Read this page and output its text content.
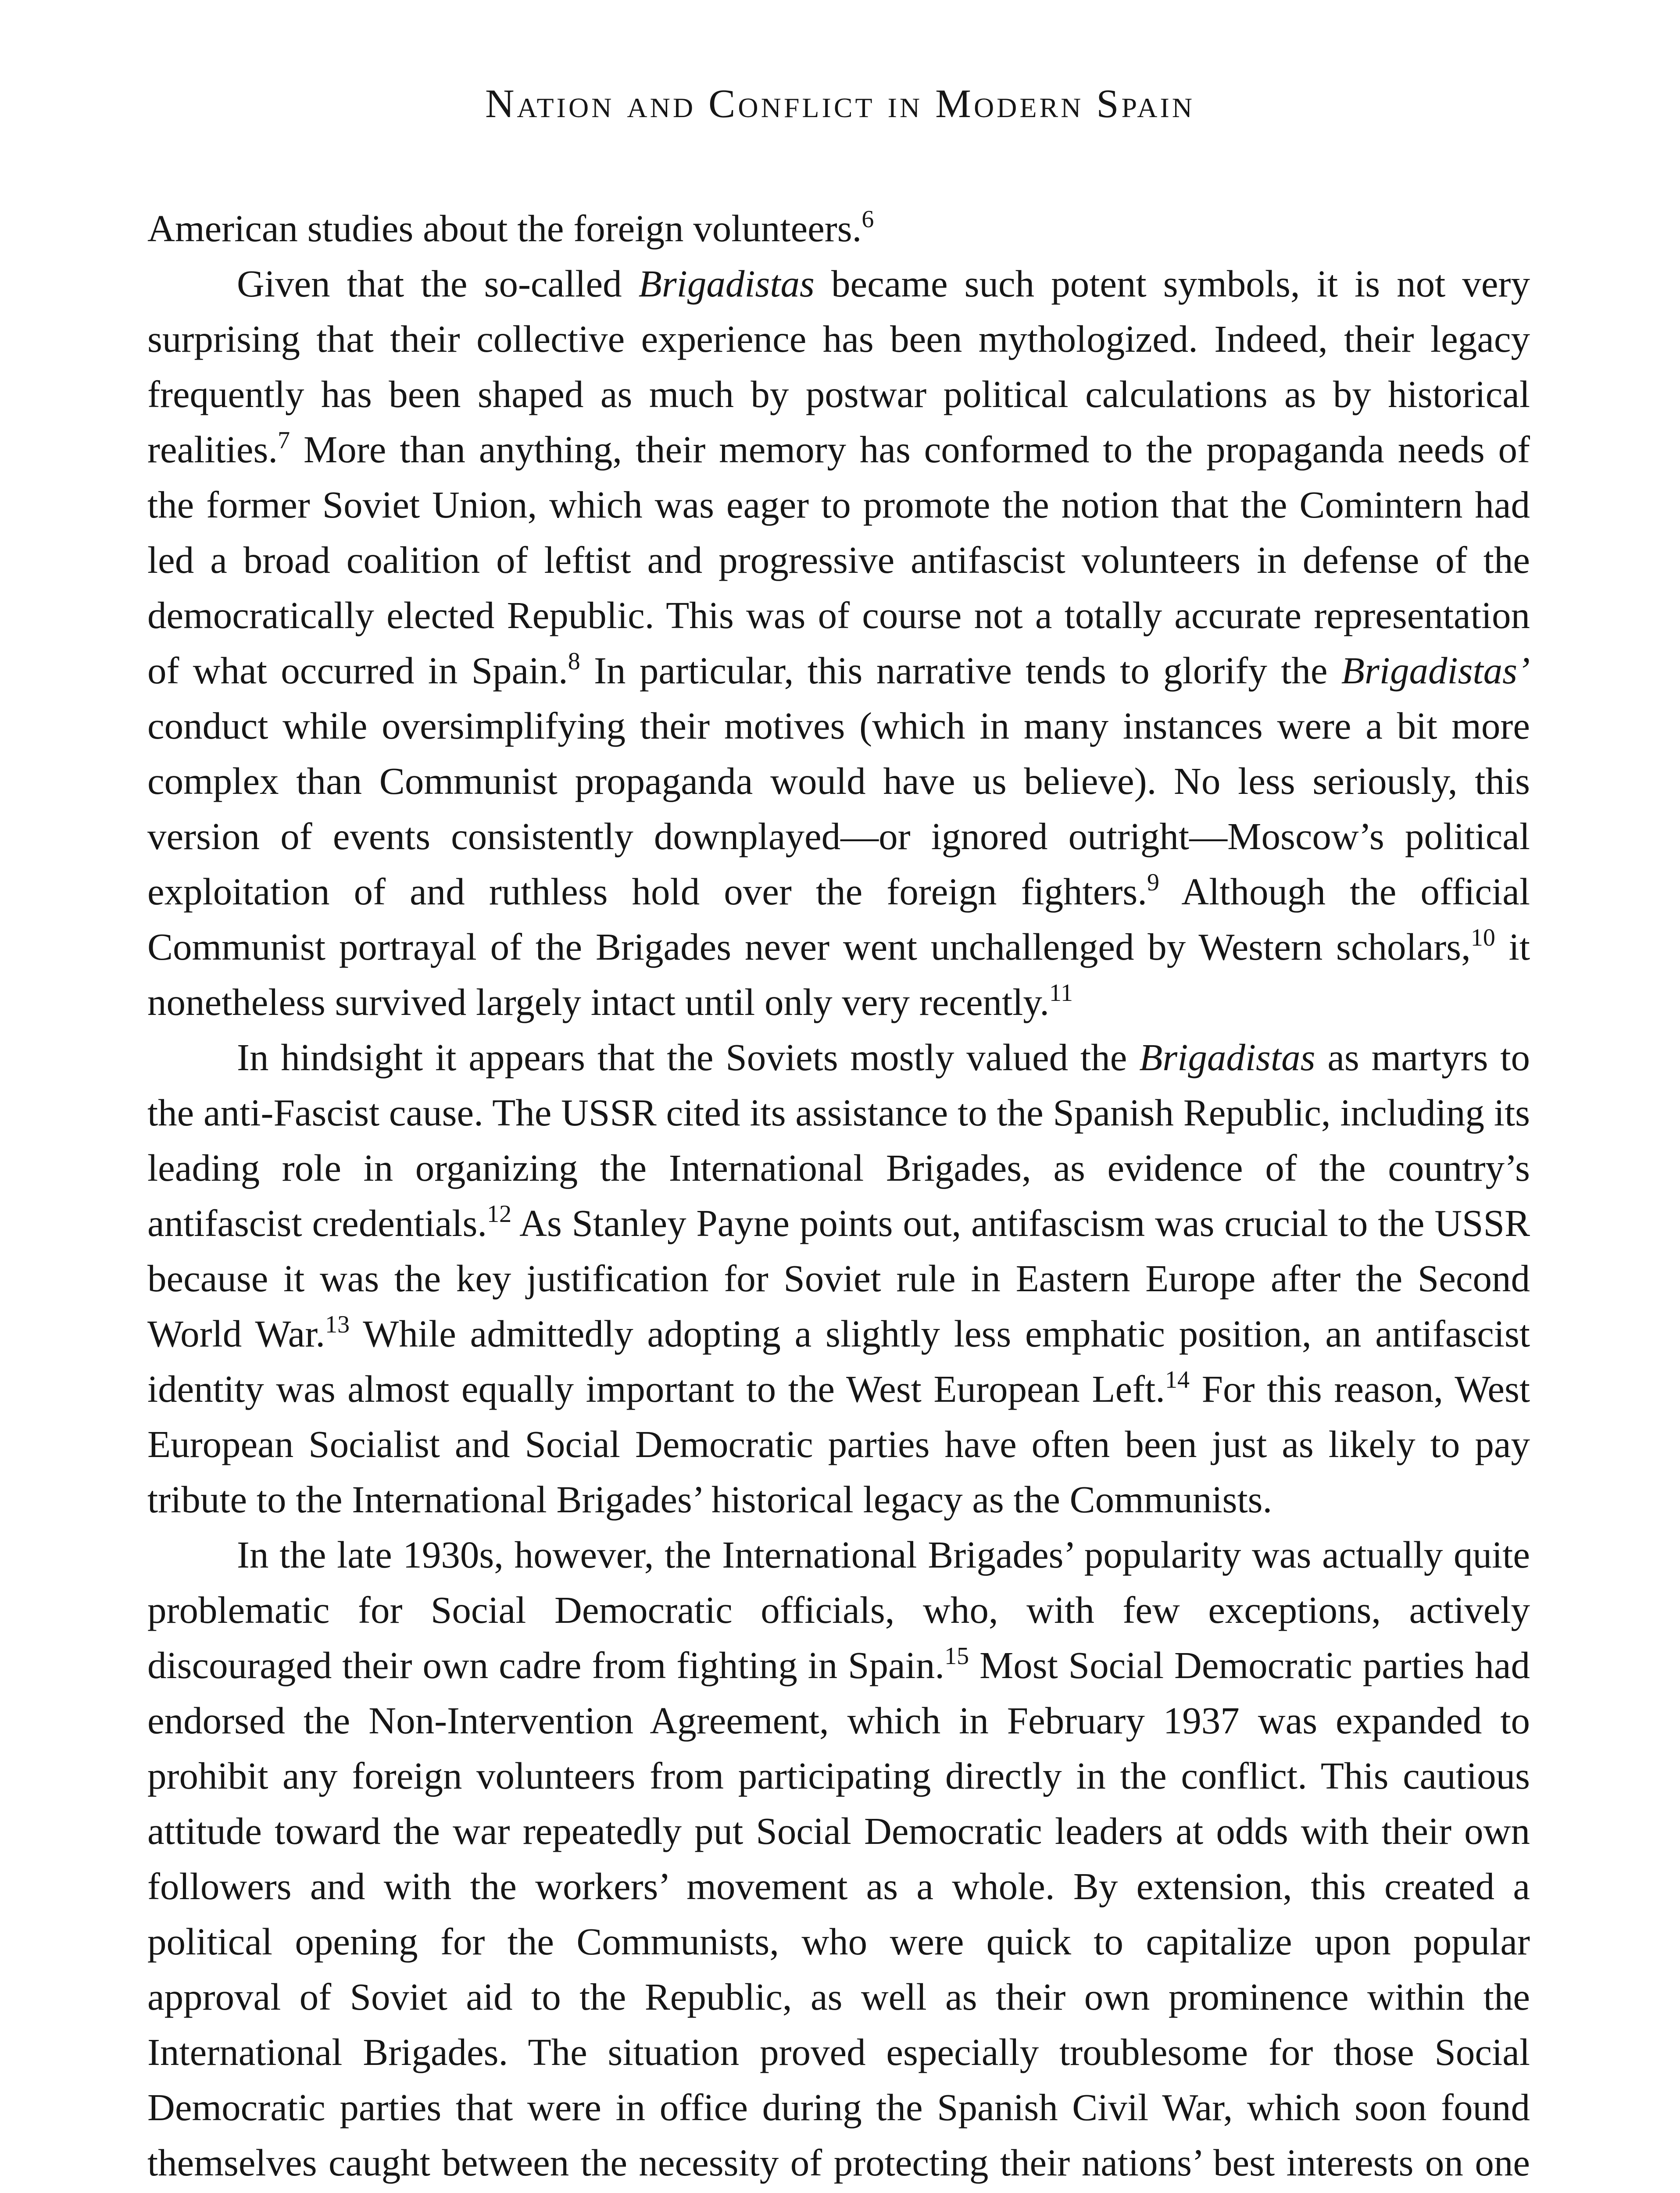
Nation and Conflict in Modern Spain

American studies about the foreign volunteers.$^6$

Given that the so-called Brigadistas became such potent symbols, it is not very surprising that their collective experience has been mythologized. Indeed, their legacy frequently has been shaped as much by postwar political calculations as by historical realities.$^7$ More than anything, their memory has conformed to the propaganda needs of the former Soviet Union, which was eager to promote the notion that the Comintern had led a broad coalition of leftist and progressive antifascist volunteers in defense of the democratically elected Republic. This was of course not a totally accurate representation of what occurred in Spain.$^8$ In particular, this narrative tends to glorify the Brigadistas’ conduct while oversimplifying their motives (which in many instances were a bit more complex than Communist propaganda would have us believe). No less seriously, this version of events consistently downplayed—or ignored outright—Moscow’s political exploitation of and ruthless hold over the foreign fighters.$^9$ Although the official Communist portrayal of the Brigades never went unchallenged by Western scholars,$^{10}$ it nonetheless survived largely intact until only very recently.$^{11}$

In hindsight it appears that the Soviets mostly valued the Brigadistas as martyrs to the anti-Fascist cause. The USSR cited its assistance to the Spanish Republic, including its leading role in organizing the International Brigades, as evidence of the country’s antifascist credentials.$^{12}$ As Stanley Payne points out, antifascism was crucial to the USSR because it was the key justification for Soviet rule in Eastern Europe after the Second World War.$^{13}$ While admittedly adopting a slightly less emphatic position, an antifascist identity was almost equally important to the West European Left.$^{14}$ For this reason, West European Socialist and Social Democratic parties have often been just as likely to pay tribute to the International Brigades’ historical legacy as the Communists.

In the late 1930s, however, the International Brigades’ popularity was actually quite problematic for Social Democratic officials, who, with few exceptions, actively discouraged their own cadre from fighting in Spain.$^{15}$ Most Social Democratic parties had endorsed the Non-Intervention Agreement, which in February 1937 was expanded to prohibit any foreign volunteers from participating directly in the conflict. This cautious attitude toward the war repeatedly put Social Democratic leaders at odds with their own followers and with the workers’ movement as a whole. By extension, this created a political opening for the Communists, who were quick to capitalize upon popular approval of Soviet aid to the Republic, as well as their own prominence within the International Brigades. The situation proved especially troublesome for those Social Democratic parties that were in office during the Spanish Civil War, which soon found themselves caught between the necessity of protecting their nations’ best interests on one
